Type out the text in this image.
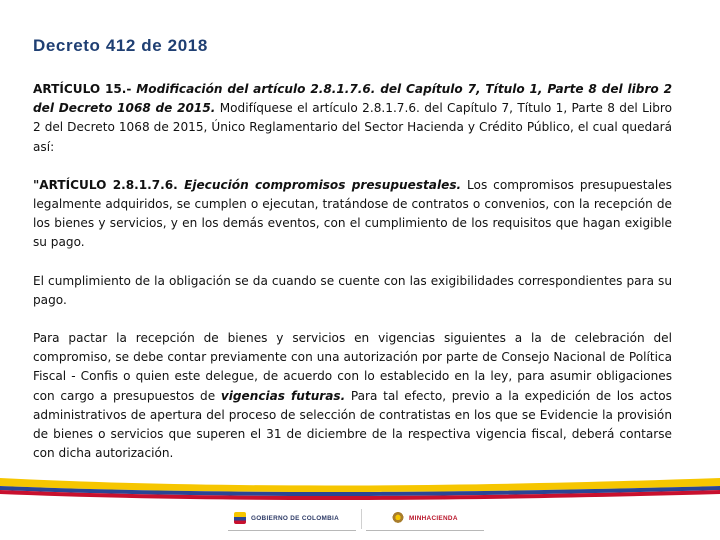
Decreto 412 de 2018

ARTÍCULO 15.- Modificación del artículo 2.8.1.7.6. del Capítulo 7, Título 1, Parte 8 del libro 2 del Decreto 1068 de 2015. Modifíquese el artículo 2.8.1.7.6. del Capítulo 7, Título 1, Parte 8 del Libro 2 del Decreto 1068 de 2015, Único Reglamentario del Sector Hacienda y Crédito Público, el cual quedará así:

"ARTÍCULO 2.8.1.7.6. Ejecución compromisos presupuestales. Los compromisos presupuestales legalmente adquiridos, se cumplen o ejecutan, tratándose de contratos o convenios, con la recepción de los bienes y servicios, y en los demás eventos, con el cumplimiento de los requisitos que hagan exigible su pago.

El cumplimiento de la obligación se da cuando se cuente con las exigibilidades correspondientes para su pago.

Para pactar la recepción de bienes y servicios en vigencias siguientes a la de celebración del compromiso, se debe contar previamente con una autorización por parte de Consejo Nacional de Política Fiscal - Confis o quien este delegue, de acuerdo con lo establecido en la ley, para asumir obligaciones con cargo a presupuestos de vigencias futuras. Para tal efecto, previo a la expedición de los actos administrativos de apertura del proceso de selección de contratistas en los que se Evidencie la provisión de bienes o servicios que superen el 31 de diciembre de la respectiva vigencia fiscal, deberá contarse con dicha autorización.

GOBIERNO DE COLOMBIA	MINHACIENDA
